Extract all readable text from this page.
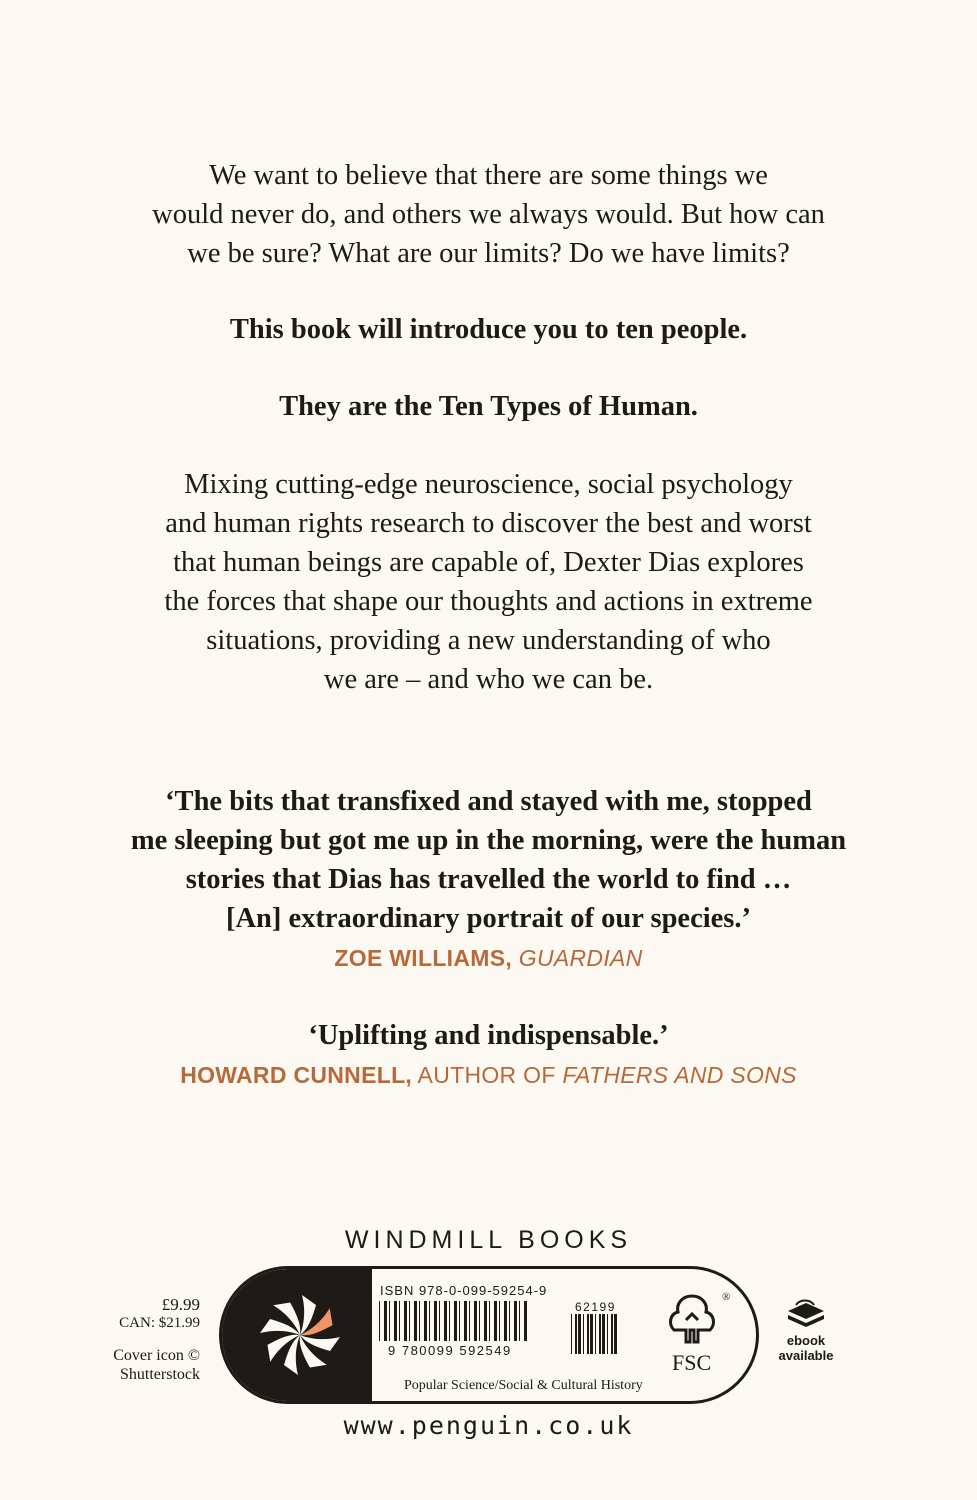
We want to believe that there are some things we
would never do, and others we always would. But how can
we be sure? What are our limits? Do we have limits?

This book will introduce you to ten people.

They are the Ten Types of Human.

Mixing cutting-edge neuroscience, social psychology
and human rights research to discover the best and worst
that human beings are capable of, Dexter Dias explores
the forces that shape our thoughts and actions in extreme
situations, providing a new understanding of who
we are – and who we can be.

‘The bits that transfixed and stayed with me, stopped
me sleeping but got me up in the morning, were the human
stories that Dias has travelled the world to find …
[An] extraordinary portrait of our species.’

ZOE WILLIAMS, GUARDIAN

‘Uplifting and indispensable.’

HOWARD CUNNELL, AUTHOR OF FATHERS AND SONS
WINDMILL BOOKS
£9.99
CAN: $21.99
Cover icon ©
Shutterstock
ISBN 978-0-099-59254-9
62199
9 780099 592549
Popular Science/Social & Cultural History
®
FSC
ebook
available
www.penguin.co.uk
